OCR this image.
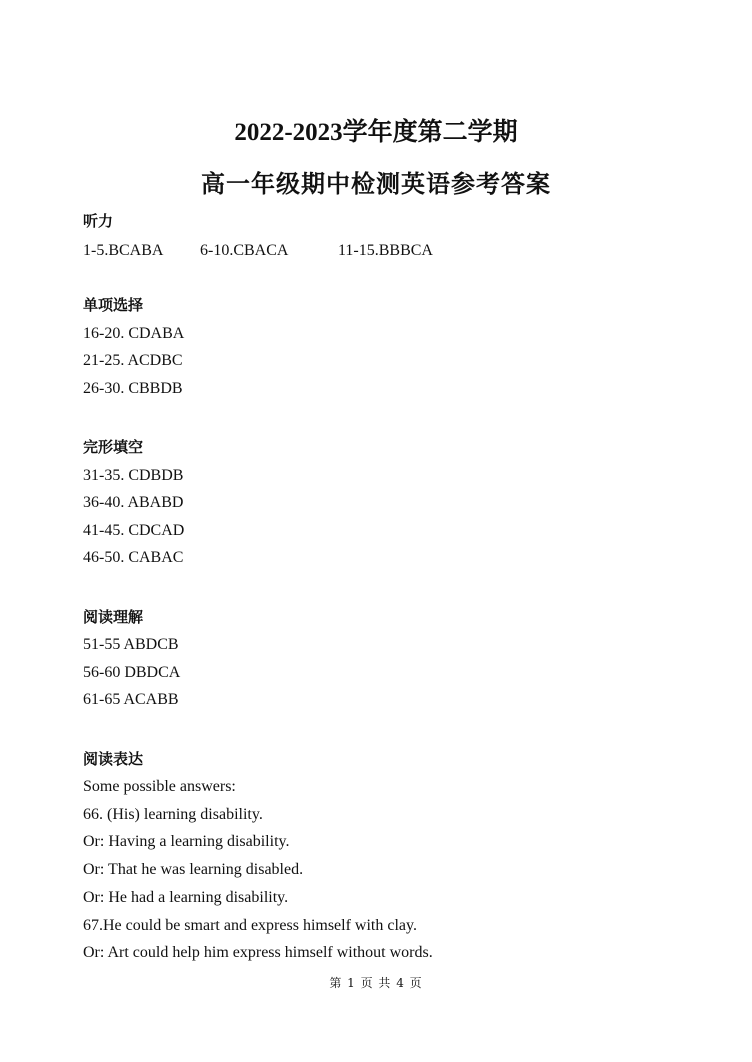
2022-2023学年度第二学期
高一年级期中检测英语参考答案
听力
1-5.BCABA 6-10.CBACA	11-15.BBBCA
单项选择
16-20. CDABA
21-25. ACDBC
26-30. CBBDB
完形填空
31-35. CDBDB
36-40. ABABD
41-45. CDCAD
46-50. CABAC
阅读理解
51-55 ABDCB
56-60 DBDCA
61-65 ACABB
阅读表达
Some possible answers:
66. (His) learning disability.
Or: Having a learning disability.
Or: That he was learning disabled.
Or: He had a learning disability.
67.He could be smart and express himself with clay.
Or: Art could help him express himself without words.
第 1 页 共 4 页
